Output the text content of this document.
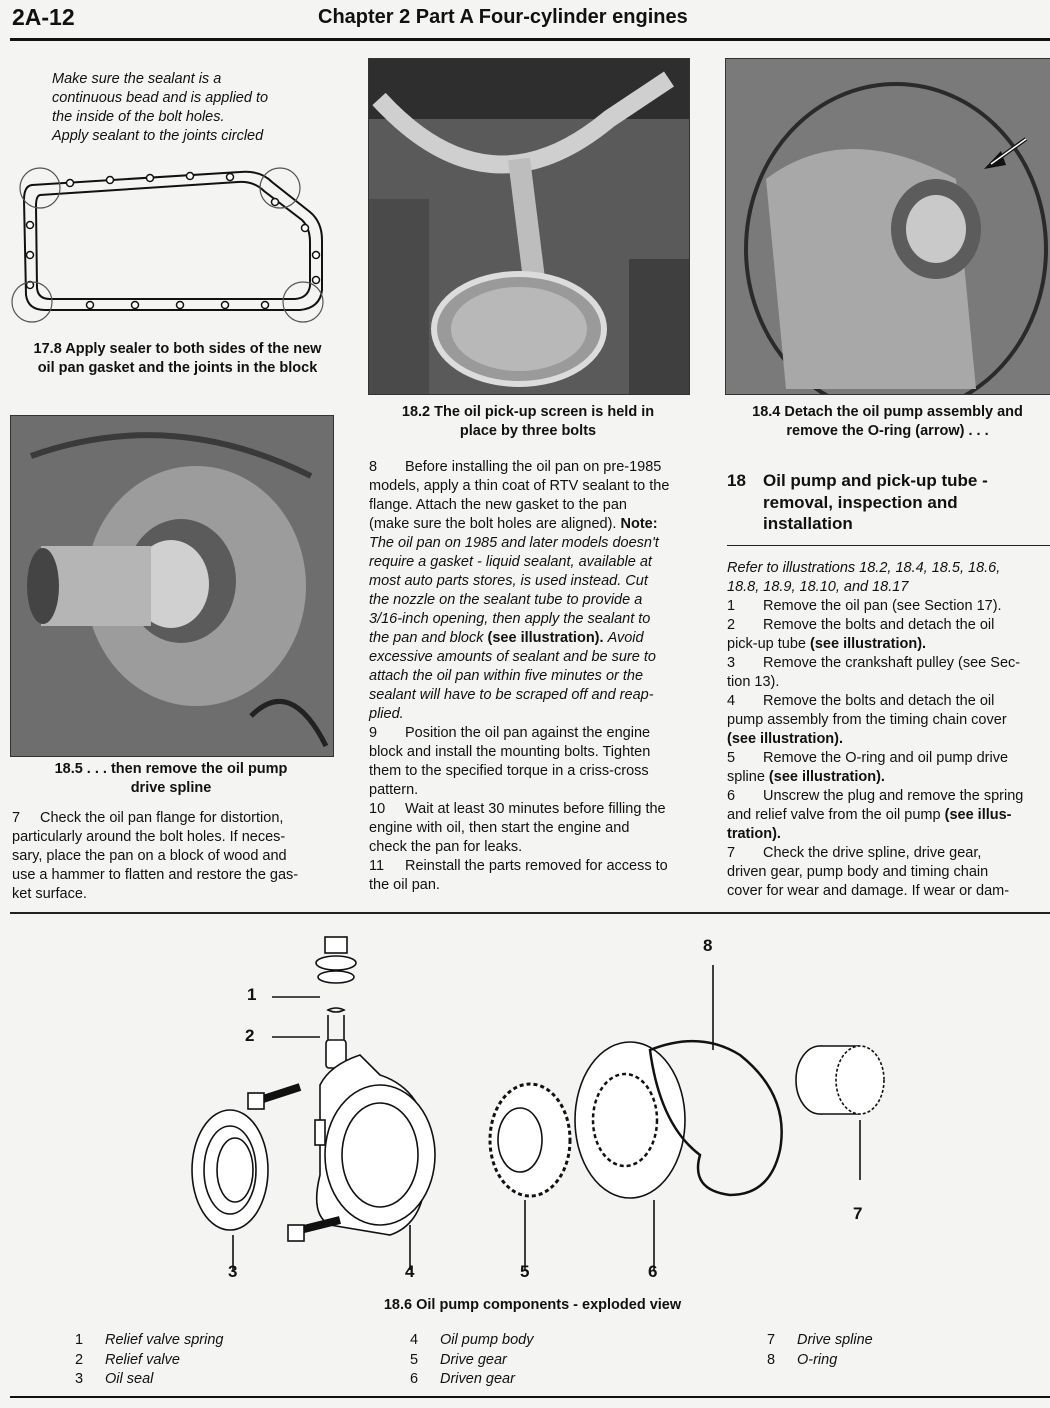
2A-12	Chapter 2 Part A Four-cylinder engines
Make sure the sealant is a
continuous bead and is applied to
the inside of the bolt holes.
Apply sealant to the joints circled
17.8 Apply sealer to both sides of the new
oil pan gasket and the joints in the block
18.2 The oil pick-up screen is held in
place by three bolts
18.4 Detach the oil pump assembly and
remove the O-ring (arrow) . . .
18.5 . . . then remove the oil pump
drive spline

7 Check the oil pan flange for distortion,

particularly around the bolt holes. If neces-

sary, place the pan on a block of wood and

use a hammer to flatten and restore the gas-

ket surface.

8 Before installing the oil pan on pre-1985

models, apply a thin coat of RTV sealant to the

flange. Attach the new gasket to the pan

(make sure the bolt holes are aligned). Note:

The oil pan on 1985 and later models doesn't

require a gasket - liquid sealant, available at

most auto parts stores, is used instead. Cut

the nozzle on the sealant tube to provide a

3/16-inch opening, then apply the sealant to

the pan and block (see illustration). Avoid

excessive amounts of sealant and be sure to

attach the oil pan within five minutes or the

sealant will have to be scraped off and reap-

plied.

9 Position the oil pan against the engine

block and install the mounting bolts. Tighten

them to the specified torque in a criss-cross

pattern.

10 Wait at least 30 minutes before filling the

engine with oil, then start the engine and

check the pan for leaks.

11 Reinstall the parts removed for access to

the oil pan.

18 Oil pump and pick-up tube -
removal, inspection and
installation

Refer to illustrations 18.2, 18.4, 18.5, 18.6,

18.8, 18.9, 18.10, and 18.17

1 Remove the oil pan (see Section 17).

2 Remove the bolts and detach the oil

pick-up tube (see illustration).

3 Remove the crankshaft pulley (see Sec-

tion 13).

4 Remove the bolts and detach the oil

pump assembly from the timing chain cover

(see illustration).

5 Remove the O-ring and oil pump drive

spline (see illustration).

6 Unscrew the plug and remove the spring

and relief valve from the oil pump (see illus-

tration).

7 Check the drive spline, drive gear,

driven gear, pump body and timing chain

cover for wear and damage. If wear or dam-

1
2
3	4	5	6
7
8
18.6 Oil pump components - exploded view
1 Relief valve spring
2 Relief valve
3 Oil seal
4 Oil pump body
5 Drive gear
6 Driven gear
7 Drive spline
8 O-ring
